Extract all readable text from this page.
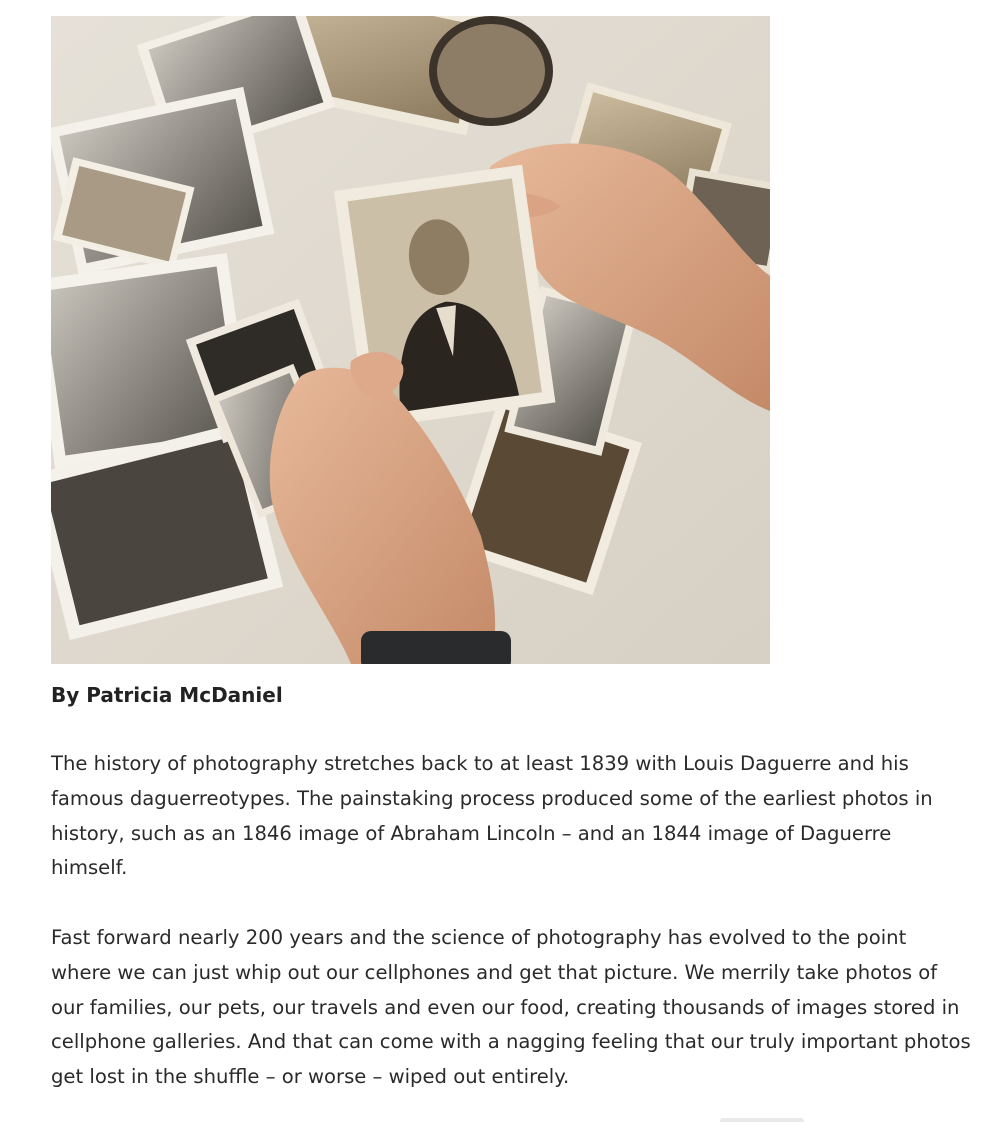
By Patricia McDaniel

The history of photography stretches back to at least 1839 with Louis Daguerre and his famous daguerreotypes. The painstaking process produced some of the earliest photos in history, such as an 1846 image of Abraham Lincoln – and an 1844 image of Daguerre himself.

Fast forward nearly 200 years and the science of photography has evolved to the point where we can just whip out our cellphones and get that picture. We merrily take photos of our families, our pets, our travels and even our food, creating thousands of images stored in cellphone galleries. And that can come with a nagging feeling that our truly important photos get lost in the shuffle – or worse – wiped out entirely.
